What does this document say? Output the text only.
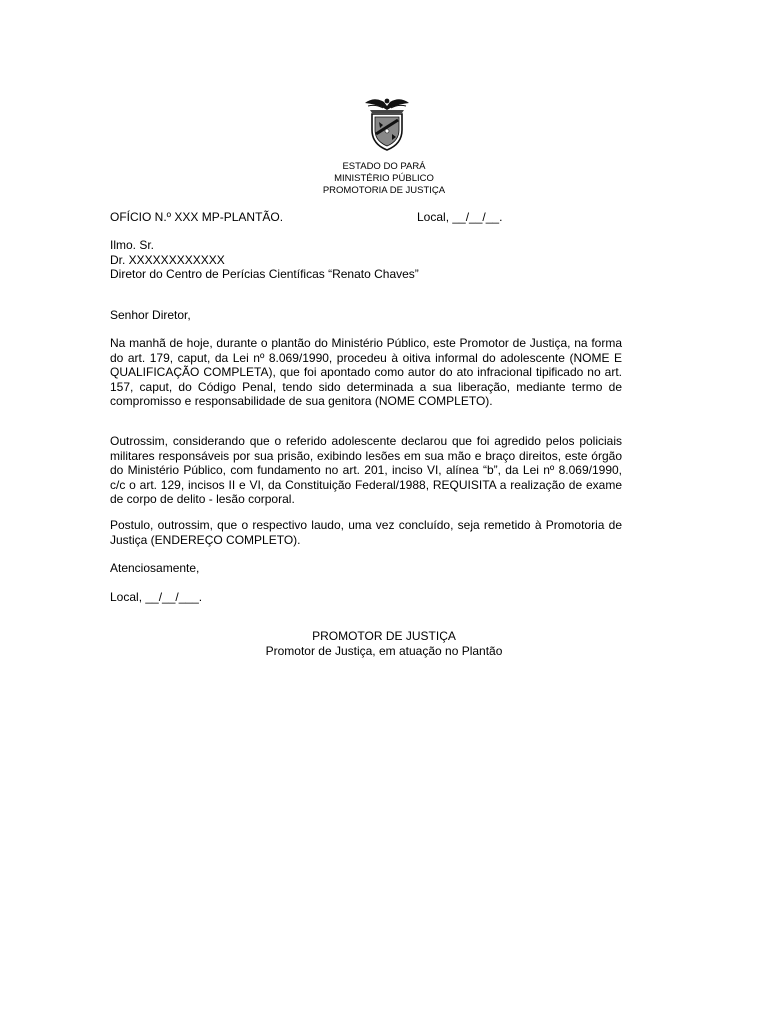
ESTADO DO PARÁ
MINISTÉRIO PÚBLICO
PROMOTORIA DE JUSTIÇA
OFÍCIO N.º XXX MP-PLANTÃO.	Local, __/__/__.
Ilmo. Sr.
Dr. XXXXXXXXXXXX
Diretor do Centro de Perícias Científicas “Renato Chaves”
Senhor Diretor,

Na manhã de hoje, durante o plantão do Ministério Público, este Promotor de Justiça, na forma do art. 179, caput, da Lei nº 8.069/1990, procedeu à oitiva informal do adolescente (NOME E QUALIFICAÇÃO COMPLETA), que foi apontado como autor do ato infracional tipificado no art. 157, caput, do Código Penal, tendo sido determinada a sua liberação, mediante termo de compromisso e responsabilidade de sua genitora (NOME COMPLETO).

Outrossim, considerando que o referido adolescente declarou que foi agredido pelos policiais militares responsáveis por sua prisão, exibindo lesões em sua mão e braço direitos, este órgão do Ministério Público, com fundamento no art. 201, inciso VI, alínea “b”, da Lei nº 8.069/1990, c/c o art. 129, incisos II e VI, da Constituição Federal/1988, REQUISITA a realização de exame de corpo de delito - lesão corporal.

Postulo, outrossim, que o respectivo laudo, uma vez concluído, seja remetido à Promotoria de Justiça (ENDEREÇO COMPLETO).

Atenciosamente,
Local, __/__/___.
PROMOTOR DE JUSTIÇA
Promotor de Justiça, em atuação no Plantão
